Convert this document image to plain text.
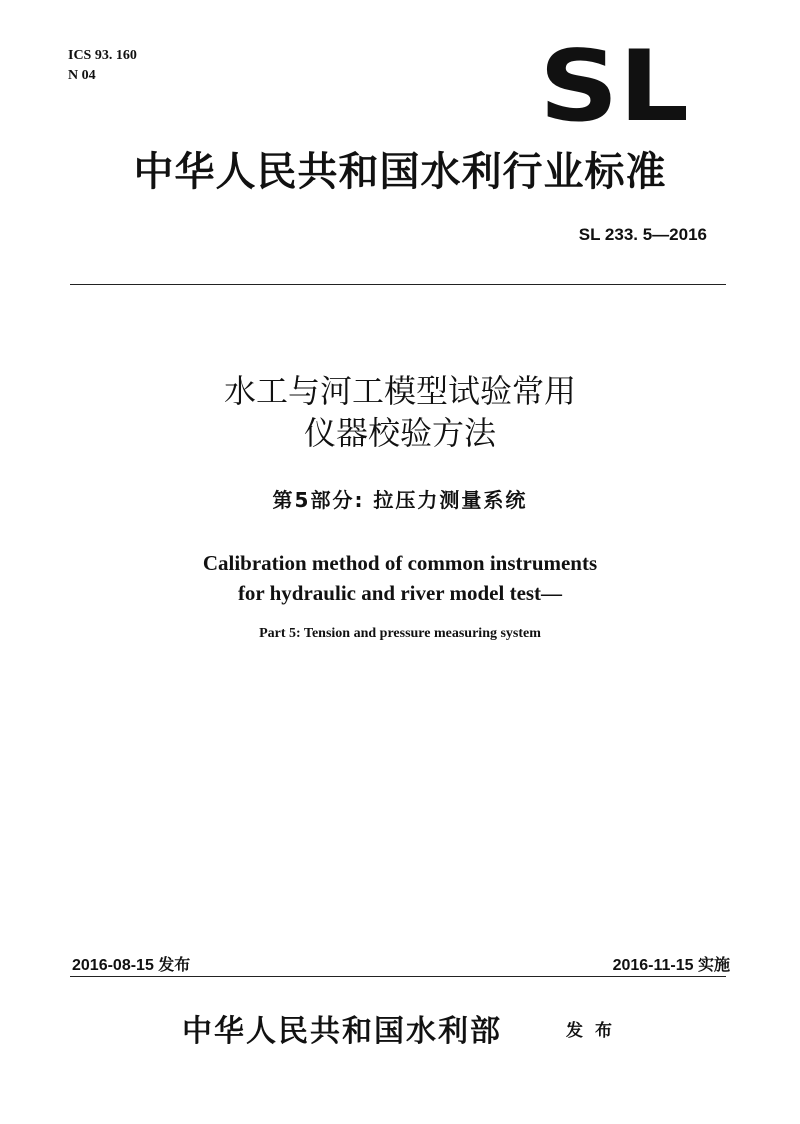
ICS 93. 160
N 04	SL
中华人民共和国水利行业标准
SL 233. 5—2016
水工与河工模型试验常用
仪器校验方法
第5部分: 拉压力测量系统
Calibration method of common instruments
for hydraulic and river model test—
Part 5: Tension and pressure measuring system
2016-08-15 发布	2016-11-15 实施
中华人民共和国水利部	发布
